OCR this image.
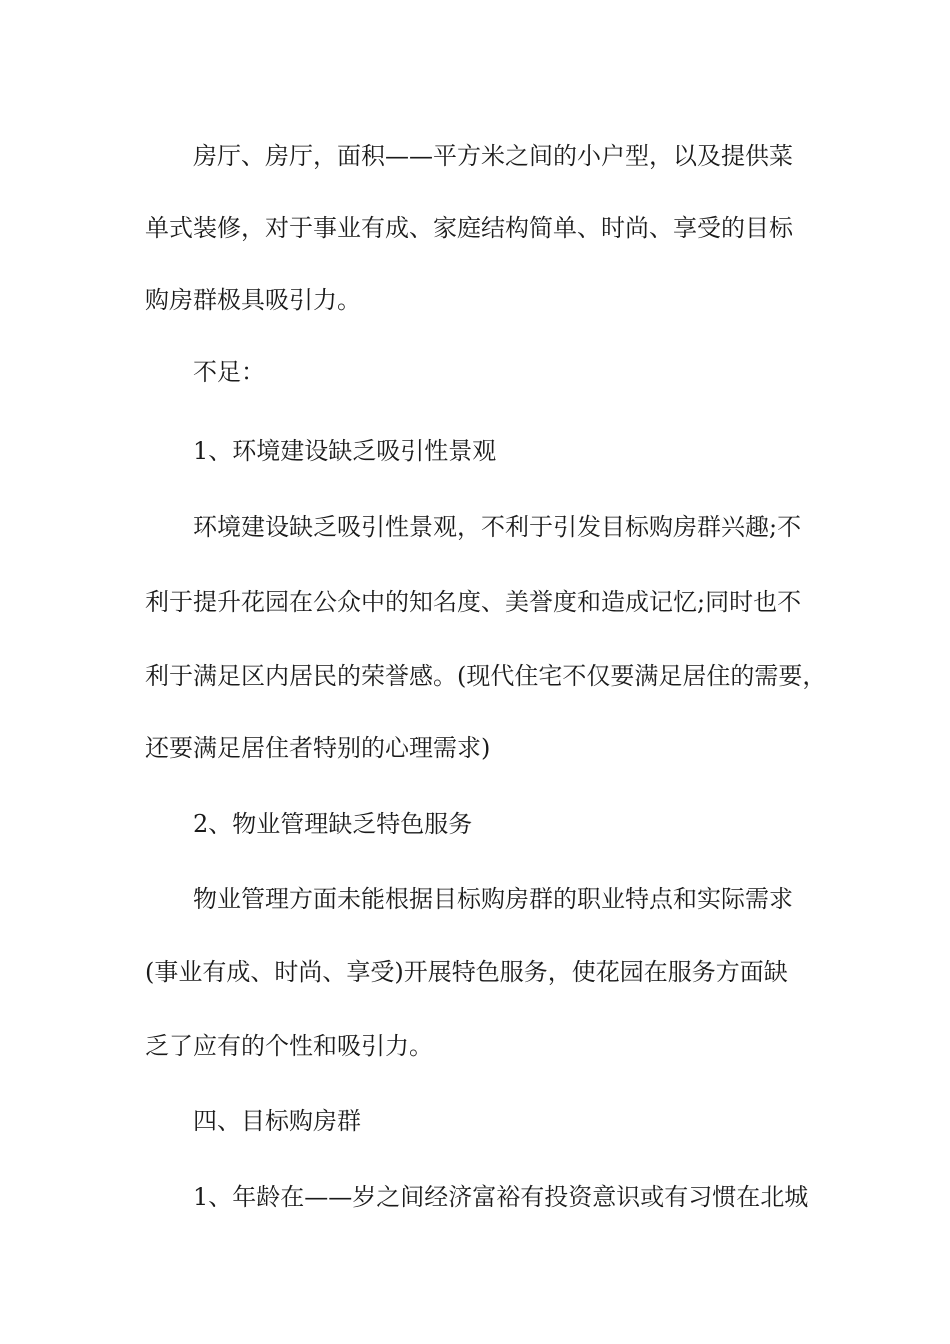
房厅、房厅，面积——平方米之间的小户型，以及提供菜
单式装修，对于事业有成、家庭结构简单、时尚、享受的目标
购房群极具吸引力。
不足：
1、环境建设缺乏吸引性景观
环境建设缺乏吸引性景观，不利于引发目标购房群兴趣;不
利于提升花园在公众中的知名度、美誉度和造成记忆;同时也不
利于满足区内居民的荣誉感。(现代住宅不仅要满足居住的需要，
还要满足居住者特别的心理需求)
2、物业管理缺乏特色服务
物业管理方面未能根据目标购房群的职业特点和实际需求
(事业有成、时尚、享受)开展特色服务，使花园在服务方面缺
乏了应有的个性和吸引力。
四、目标购房群
1、年龄在——岁之间经济富裕有投资意识或有习惯在北城
